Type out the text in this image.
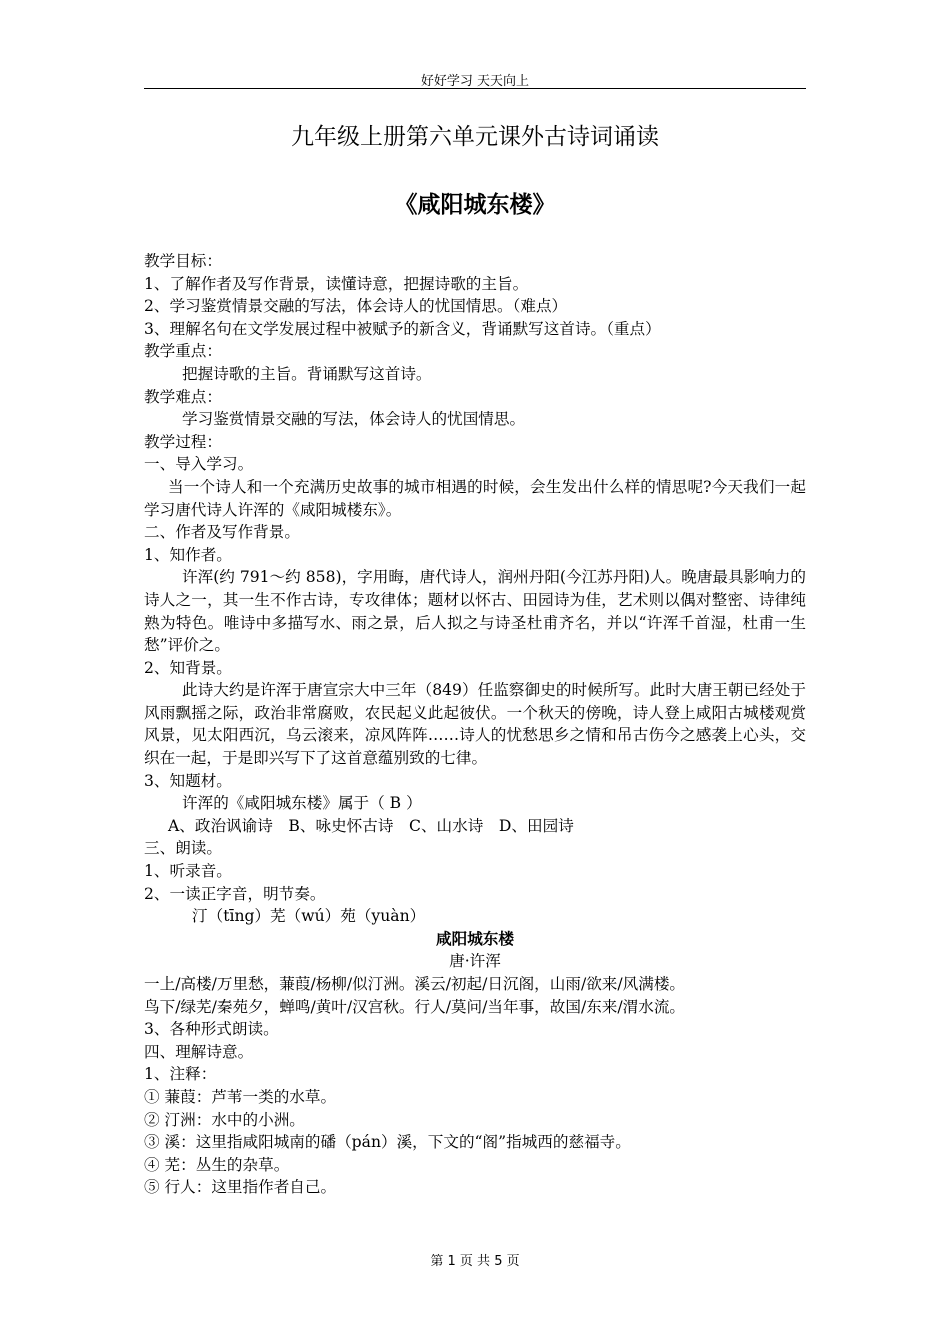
好好学习 天天向上
九年级上册第六单元课外古诗词诵读
《咸阳城东楼》

教学目标：

1、了解作者及写作背景，读懂诗意，把握诗歌的主旨。

2、学习鉴赏情景交融的写法，体会诗人的忧国情思。（难点）

3、理解名句在文学发展过程中被赋予的新含义，背诵默写这首诗。（重点）

教学重点：

把握诗歌的主旨。背诵默写这首诗。

教学难点：

学习鉴赏情景交融的写法，体会诗人的忧国情思。

教学过程：

一、导入学习。

当一个诗人和一个充满历史故事的城市相遇的时候，会生发出什么样的情思呢?今天我们一起学习唐代诗人许浑的《咸阳城楼东》。

二、作者及写作背景。

1、知作者。

许浑(约 791～约 858)，字用晦，唐代诗人，润州丹阳(今江苏丹阳)人。晚唐最具影响力的诗人之一，其一生不作古诗，专攻律体；题材以怀古、田园诗为佳，艺术则以偶对整密、诗律纯熟为特色。唯诗中多描写水、雨之景，后人拟之与诗圣杜甫齐名，并以“许浑千首湿，杜甫一生愁”评价之。

2、知背景。

此诗大约是许浑于唐宣宗大中三年（849）任监察御史的时候所写。此时大唐王朝已经处于风雨飘摇之际，政治非常腐败，农民起义此起彼伏。一个秋天的傍晚，诗人登上咸阳古城楼观赏风景，见太阳西沉，乌云滚来，凉风阵阵……诗人的忧愁思乡之情和吊古伤今之感袭上心头，交织在一起，于是即兴写下了这首意蕴别致的七律。

3、知题材。

许浑的《咸阳城东楼》属于（ B ）

A、政治讽谕诗　B、咏史怀古诗　C、山水诗　D、田园诗

三、朗读。

1、听录音。

2、一读正字音，明节奏。

汀（tīng）芜（wú）苑（yuàn）

咸阳城东楼

唐·许浑

一上/高楼/万里愁，蒹葭/杨柳/似汀洲。溪云/初起/日沉阁，山雨/欲来/风满楼。

鸟下/绿芜/秦苑夕，蝉鸣/黄叶/汉宫秋。行人/莫问/当年事，故国/东来/渭水流。

3、各种形式朗读。

四、理解诗意。

1、注释：

① 蒹葭：芦苇一类的水草。

② 汀洲：水中的小洲。

③ 溪：这里指咸阳城南的磻（pán）溪，下文的“阁”指城西的慈福寺。

④ 芜：丛生的杂草。

⑤ 行人：这里指作者自己。

第 1 页 共 5 页
